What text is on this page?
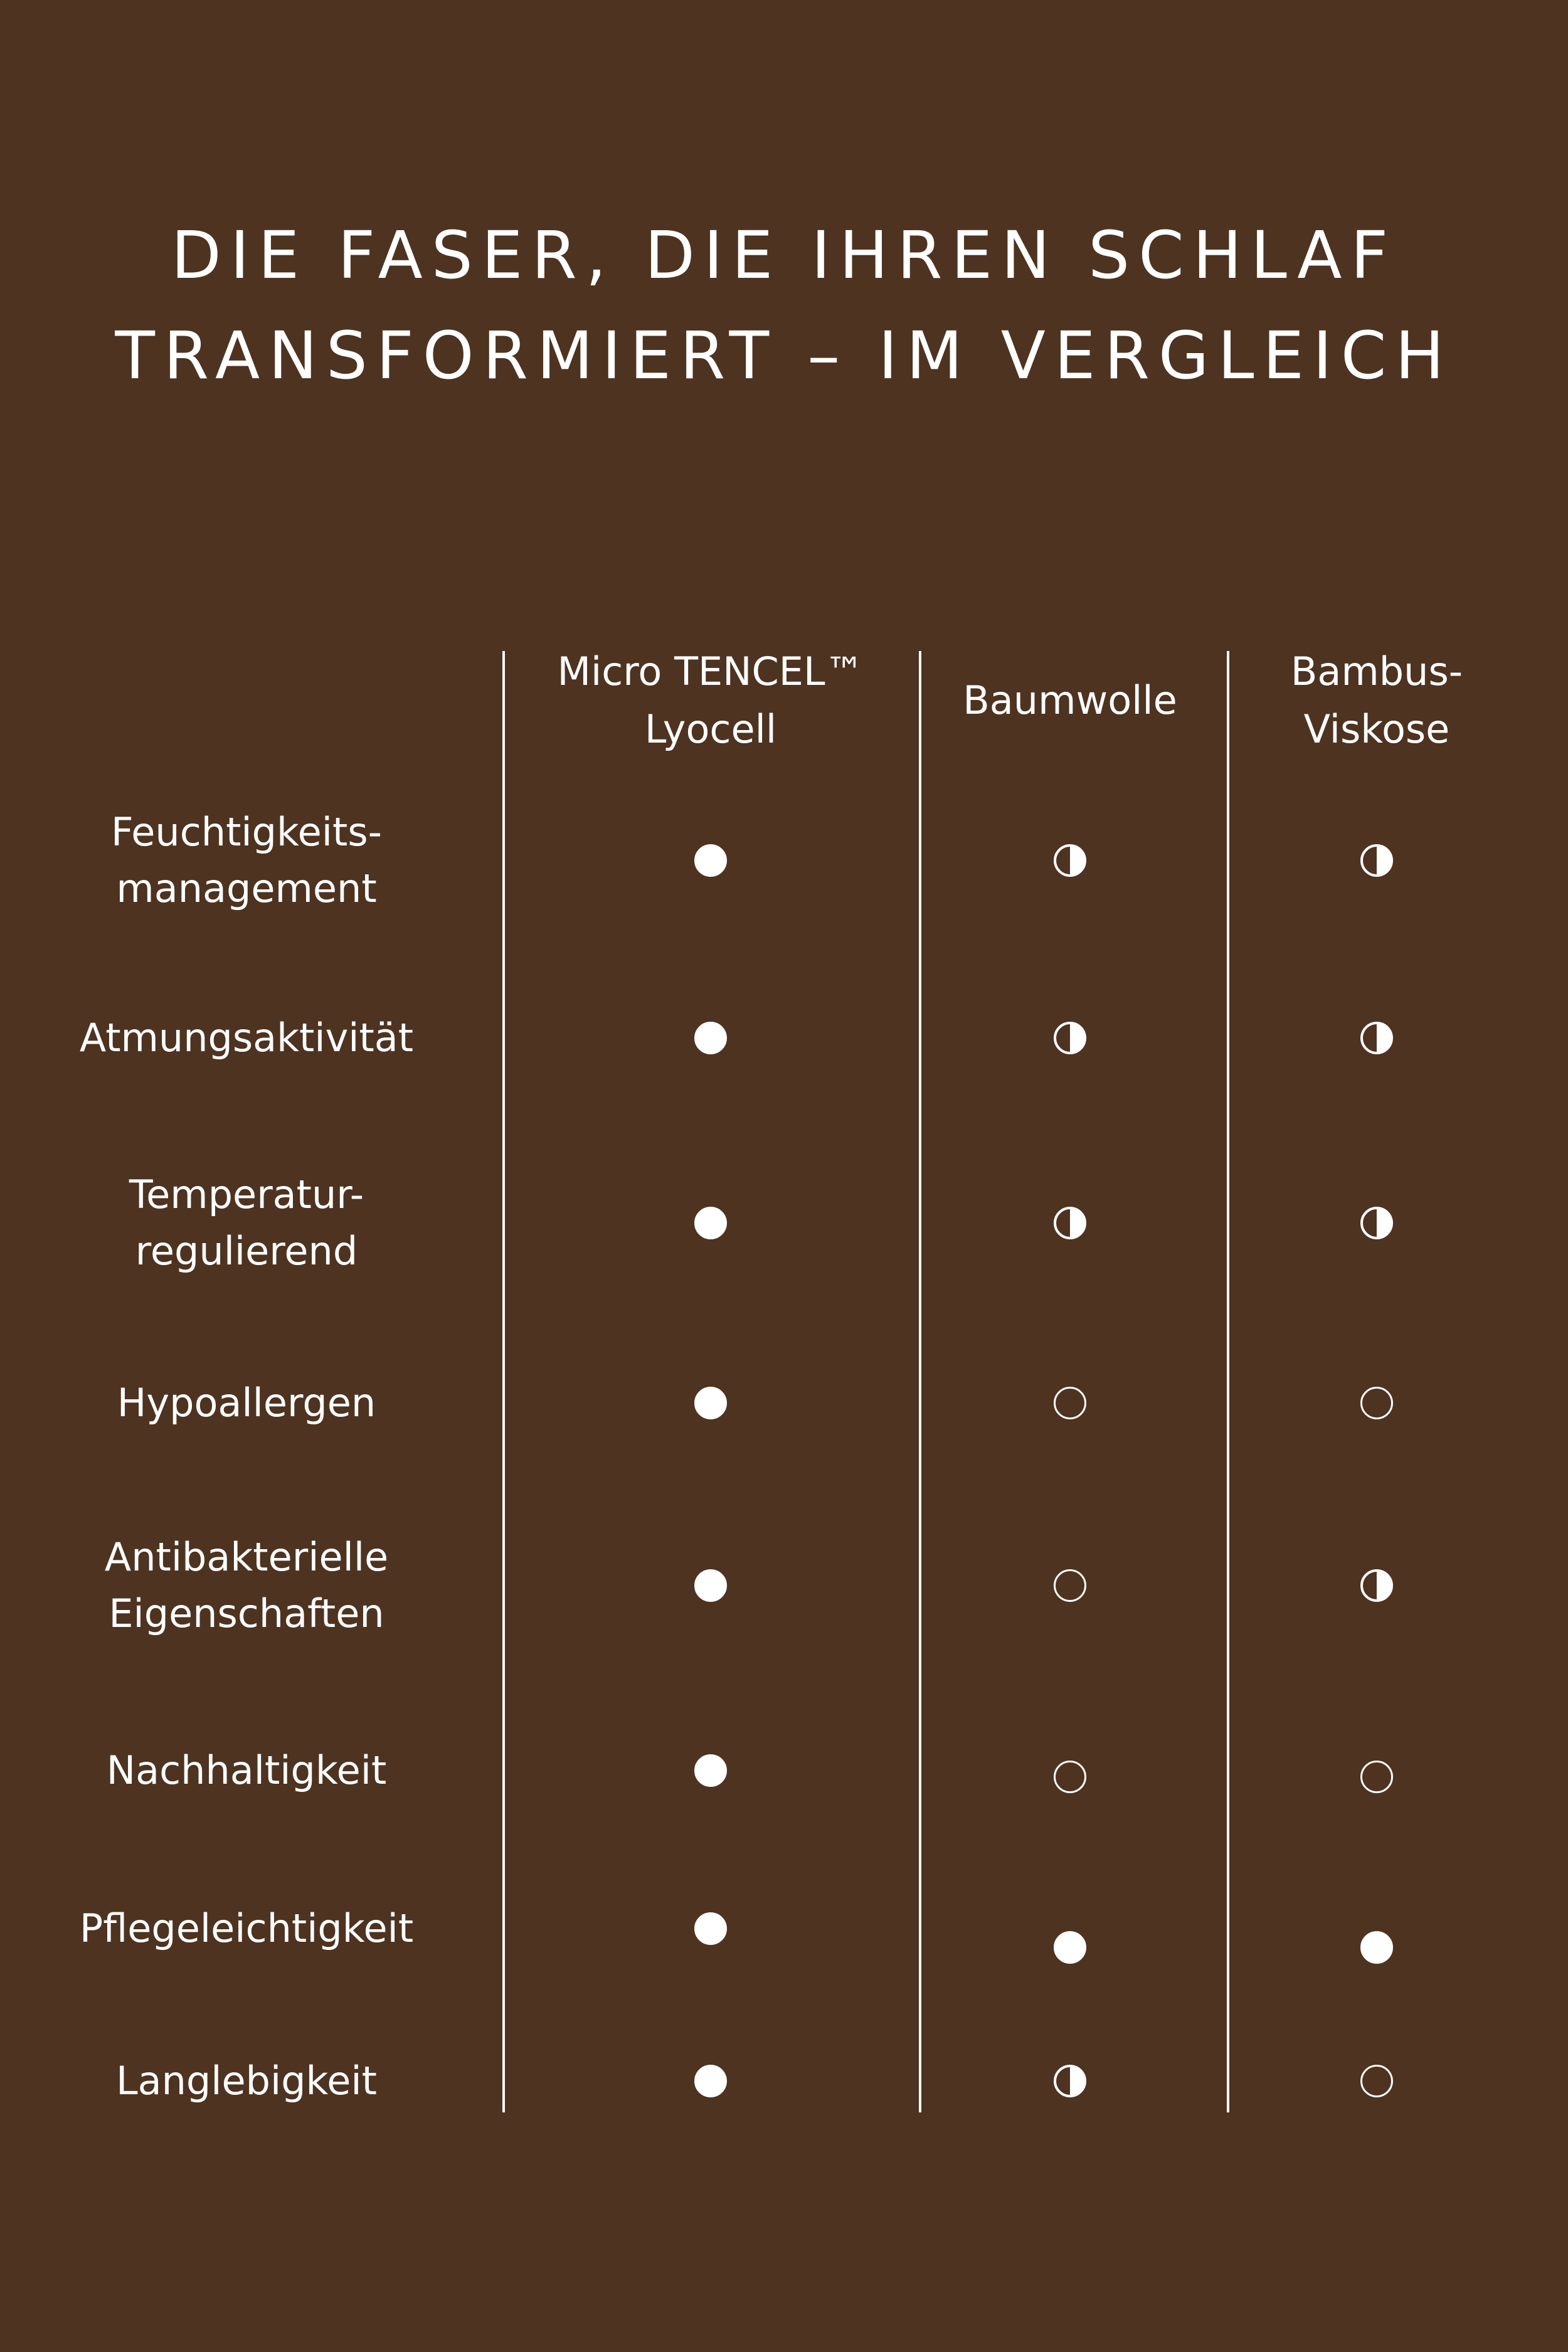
DIE FASER, DIE IHREN SCHLAF
TRANSFORMIERT – IM VERGLEICH
Micro TENCEL™
Lyocell
Baumwolle
Bambus-
Viskose
Feuchtigkeits-
management
Atmungsaktivität
Temperatur-
regulierend
Hypoallergen
Antibakterielle
Eigenschaften
Nachhaltigkeit
Pflegeleichtigkeit
Langlebigkeit
